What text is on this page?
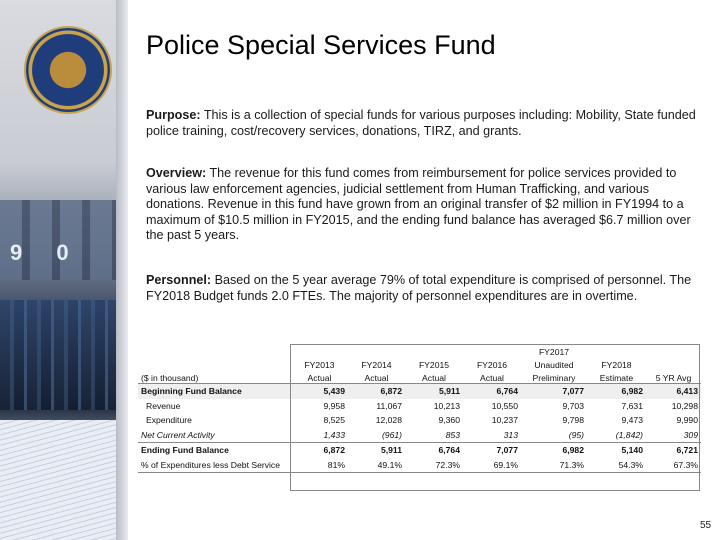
9 0
Police Special Services Fund
Purpose: This is a collection of special funds for various purposes including: Mobility, State funded police training, cost/recovery services, donations, TIRZ, and grants.
Overview: The revenue for this fund comes from reimbursement for police services provided to various law enforcement agencies, judicial settlement from Human Trafficking, and various donations. Revenue in this fund have grown from an original transfer of $2 million in FY1994 to a maximum of $10.5 million in FY2015, and the ending fund balance has averaged $6.7 million over the past 5 years.
Personnel: Based on the 5 year average 79% of total expenditure is comprised of personnel. The FY2018 Budget funds 2.0 FTEs. The majority of personnel expenditures are in overtime.
					FY2017		
	FY2013	FY2014	FY2015	FY2016	Unaudited	FY2018	
($ in thousand)	Actual	Actual	Actual	Actual	Preliminary	Estimate	5 YR Avg
Beginning Fund Balance	5,439	6,872	5,911	6,764	7,077	6,982	6,413
Revenue	9,958	11,067	10,213	10,550	9,703	7,631	10,298
Expenditure	8,525	12,028	9,360	10,237	9,798	9,473	9,990
Net Current Activity	1,433	(961)	853	313	(95)	(1,842)	309
Ending Fund Balance	6,872	5,911	6,764	7,077	6,982	5,140	6,721
% of Expenditures less Debt Service	81%	49.1%	72.3%	69.1%	71.3%	54.3%	67.3%
55
